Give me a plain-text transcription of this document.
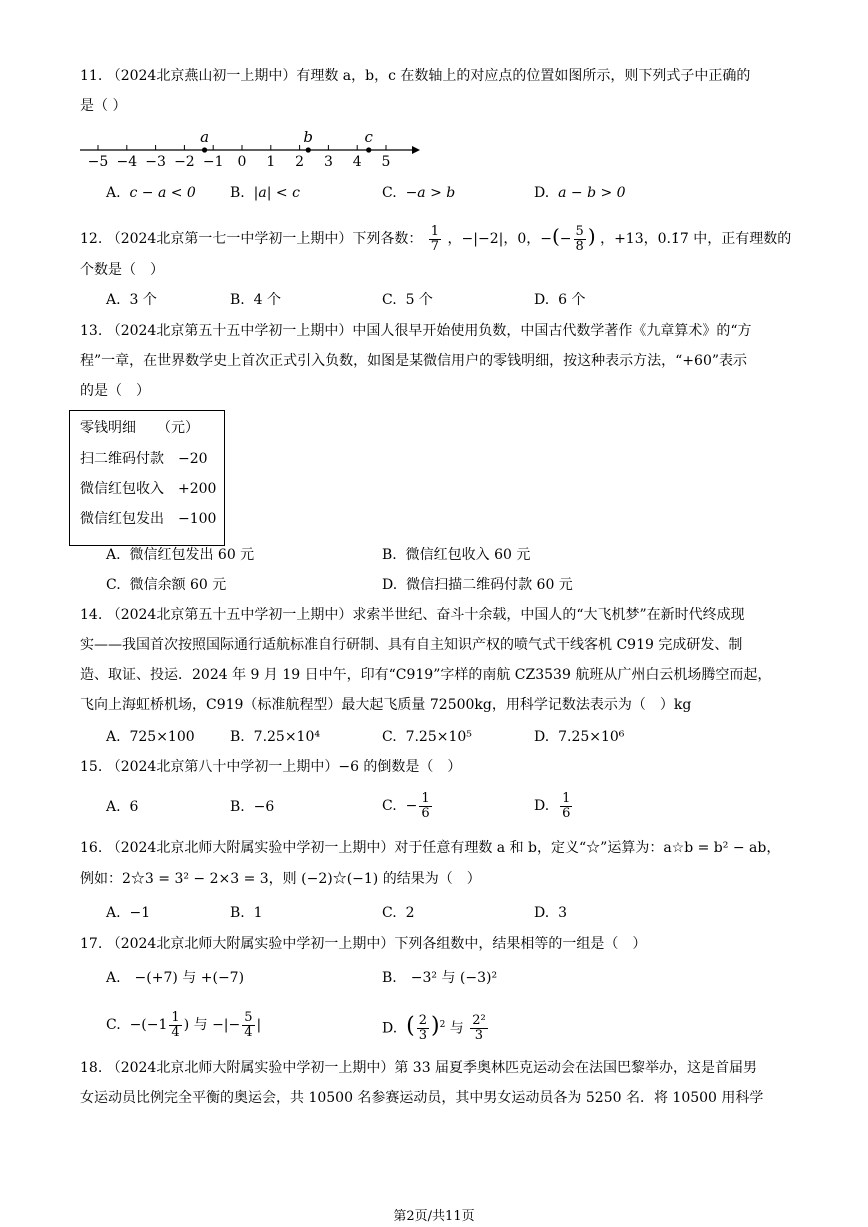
11. （2024北京燕山初一上期中）有理数 a，b，c 在数轴上的对应点的位置如图所示，则下列式子中正确的
是（ ）
−5 −4 −3 −2 −1 0 1 2 3 4 5
a	b	c
A. c − a < 0 B. |a| < c	C. −a > b	D. a − b > 0
12. （2024北京第一七一中学初一上期中）下列各数： $\frac{1}{7}$ ，−|−2|，0，−(− $\frac{5}{8}$ ) ，+13，0.1̇7̇ 中，正有理数的
个数是（　）
A. 3 个	B. 4 个	C. 5 个	D. 6 个
13. （2024北京第五十五中学初一上期中）中国人很早开始使用负数，中国古代数学著作《九章算术》的“方
程”一章，在世界数学史上首次正式引入负数，如图是某微信用户的零钱明细，按这种表示方法，“+60”表示
的是（　）
零钱明细　　（元）
扫二维码付款　−20
微信红包收入　+200
微信红包发出　−100
A. 微信红包发出 60 元	B. 微信红包收入 60 元
C. 微信余额 60 元	D. 微信扫描二维码付款 60 元
14. （2024北京第五十五中学初一上期中）求索半世纪、奋斗十余载，中国人的“大飞机梦”在新时代终成现
实——我国首次按照国际通行适航标准自行研制、具有自主知识产权的喷气式干线客机 C919 完成研发、制
造、取证、投运．2024 年 9 月 19 日中午，印有“C919”字样的南航 CZ3539 航班从广州白云机场腾空而起，
飞向上海虹桥机场，C919（标准航程型）最大起飞质量 72500kg，用科学记数法表示为（　）kg
A. 725×100	B. 7.25×10⁴	C. 7.25×10⁵	D. 7.25×10⁶
15. （2024北京第八十中学初一上期中）−6 的倒数是（　）
A. 6	B. −6	C. − $\frac{1}{6}$	D. $\frac{1}{6}$
16. （2024北京北师大附属实验中学初一上期中）对于任意有理数 a 和 b，定义“☆”运算为：a☆b = b² − ab，
例如：2☆3 = 3² − 2×3 = 3，则 (−2)☆(−1) 的结果为（　）
A. −1	B. 1	C. 2	D. 3
17. （2024北京北师大附属实验中学初一上期中）下列各组数中，结果相等的一组是（　）
A.　−(+7) 与 +(−7)	B.　−3² 与 (−3)²
C. $-(-1 \frac{1}{4}$ ) 与 −|− $\frac{5}{4}$ |	D. ( $\frac{2}{3} )^2$ 与 $\frac{\text{2²}}{3}$
18. （2024北京北师大附属实验中学初一上期中）第 33 届夏季奥林匹克运动会在法国巴黎举办，这是首届男
女运动员比例完全平衡的奥运会，共 10500 名参赛运动员，其中男女运动员各为 5250 名．将 10500 用科学
第2页/共11页
